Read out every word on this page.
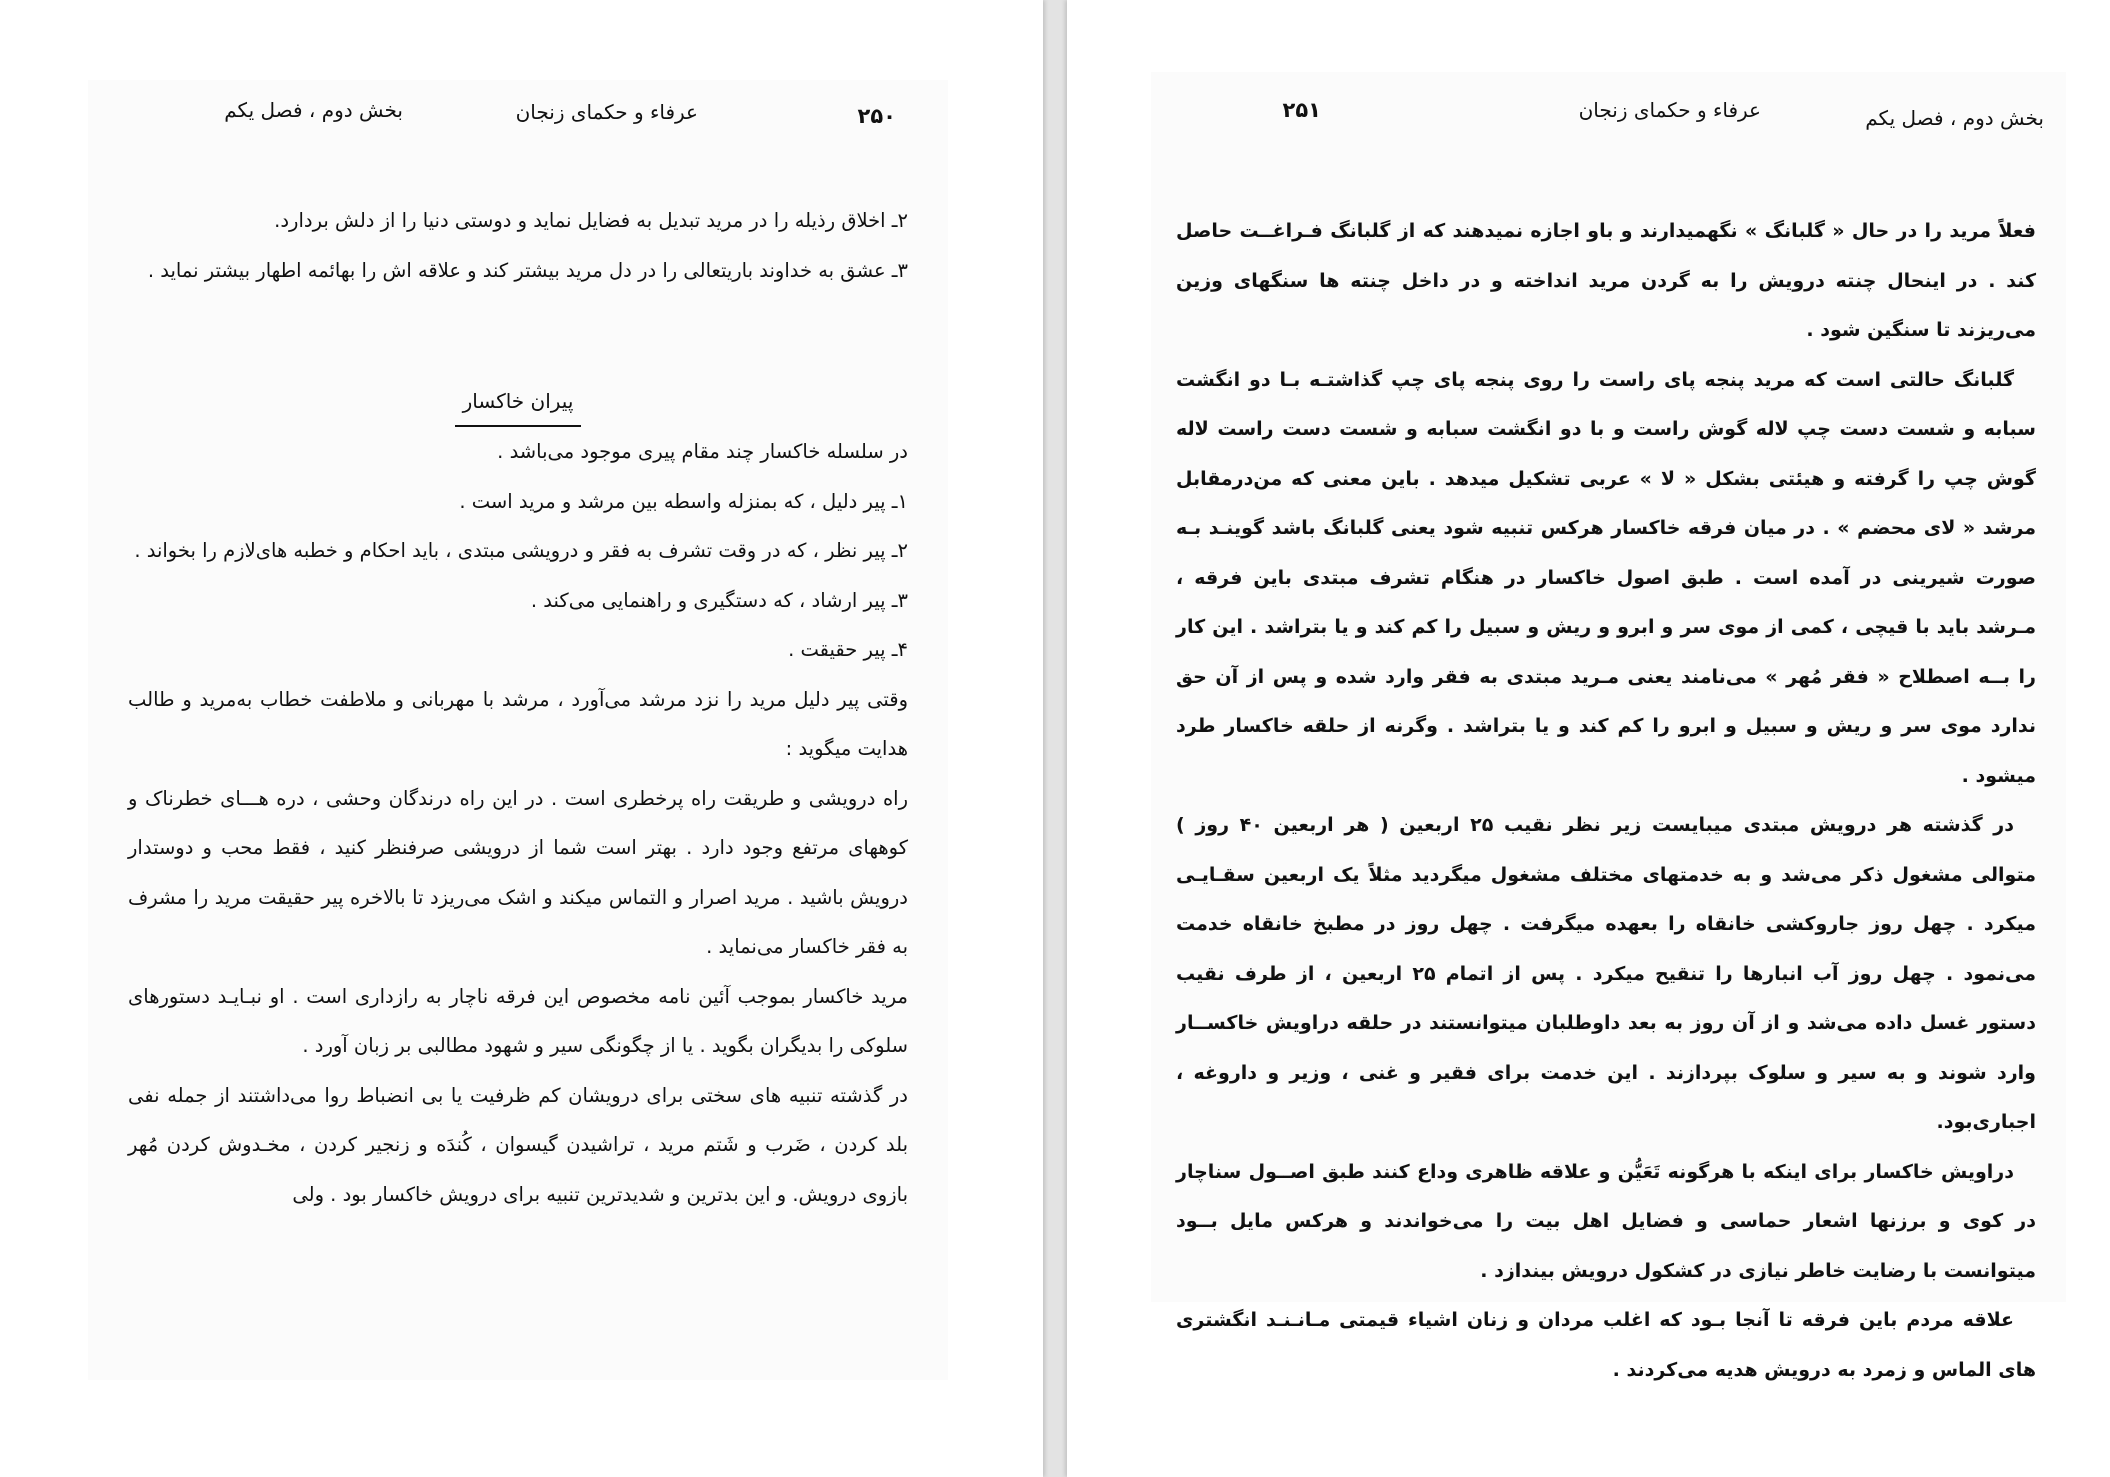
۲۵۰
عرفاء و حکمای زنجان
بخش دوم ، فصل یکم

۲ـ اخلاق رذیله را در مرید تبدیل به فضایل نماید و دوستی دنیا را از دلش بردارد.

۳ـ عشق به خداوند باریتعالی را در دل مرید بیشتر کند و علاقه اش را بهائمه اطهار بیشتر نماید .

پیران خاکسار

در سلسله خاکسار چند مقام پیری موجود می‌باشد .

۱ـ پیر دلیل ، که بمنزله واسطه بین مرشد و مرید است .

۲ـ پیر نظر ، که در وقت تشرف به فقر و درویشی مبتدی ، باید احکام و خطبه های‌لازم را بخواند .

۳ـ پیر ارشاد ، که دستگیری و راهنمایی می‌کند .

۴ـ پیر حقیقت .

وقتی پیر دلیل مرید را نزد مرشد می‌آورد ، مرشد با مهربانی و ملاطفت خطاب به‌مرید و طالب هدایت میگوید :

راه درویشی و طریقت راه پرخطری است . در این راه درندگان وحشی ، دره هـــای خطرناک و کوههای مرتفع وجود دارد . بهتر است شما از درویشی صرفنظر کنید ، فقط محب و دوستدار درویش باشید . مرید اصرار و التماس میکند و اشک می‌ریزد تا بالاخره پیر حقیقت مرید را مشرف به فقر خاکسار می‌نماید .

مرید خاکسار بموجب آئین نامه مخصوص این فرقه ناچار به رازداری است . او نبـایـد دستورهای سلوکی را بدیگران بگوید . یا از چگونگی سیر و شهود مطالبی بر زبان آورد .

در گذشته تنبیه های سختی برای درویشان کم ظرفیت یا بی انضباط روا می‌داشتند از جمله نفی بلد کردن ، ضَرب و شَتم مرید ، تراشیدن گیسوان ، کُندَه و زنجیر کردن ، مخـدوش کردن مُهر بازوی درویش. و این بدترین و شدیدترین تنبیه برای درویش خاکسار بود . ولی

بخش دوم ، فصل یکم
عرفاء و حکمای زنجان
۲۵۱

فعلاً مرید را در حال « گلبانگ » نگهمیدارند و باو اجازه نمیدهند که از گلبانگ فـراغــت حاصل کند . در اینحال چنته درویش را به گردن مرید انداخته و در داخل چنته ها سنگهای وزین می‌ریزند تا سنگین شود .

گلبانگ حالتی است که مرید پنجه پای راست را روی پنجه پای چپ گذاشتـه بـا دو انگشت سبابه و شست دست چپ لاله گوش راست و با دو انگشت سبابه و شست دست راست لاله گوش چپ را گرفته و هیئتی بشکل « لا » عربی تشکیل میدهد . باین معنی که من‌درمقابل مرشد « لای محضم » . در میان فرقه خاکسار هرکس تنبیه شود یعنی گلبانگ باشد گوینـد بـه صورت شیرینی در آمده است . طبق اصول خاکسار در هنگام تشرف مبتدی باین فرقه ، مـرشد باید با قیچی ، کمی از موی سر و ابرو و ریش و سبیل را کم کند و یا بتراشد . این کار را بــه اصطلاح « فقر مُهر » می‌نامند یعنی مـرید مبتدی به فقر وارد شده و پس از آن حق ندارد موی سر و ریش و سبیل و ابرو را کم کند و یا بتراشد . وگرنه از حلقه خاکسار طرد میشود .

در گذشته هر درویش مبتدی میبایست زیر نظر نقیب ۲۵ اربعین ( هر اربعین ۴۰ روز ) متوالی مشغول ذکر می‌شد و به خدمتهای مختلف مشغول میگردید مثلاً یک اربعین سقـایـی میکرد . چهل روز جاروکشی خانقاه را بعهده میگرفت . چهل روز در مطبخ خانقاه خدمت می‌نمود . چهل روز آب انبارها را تنقیح میکرد . پس از اتمام ۲۵ اربعین ، از طرف نقیب دستور غسل داده می‌شد و از آن روز به بعد داوطلبان میتوانستند در حلقه دراویش خاکســار وارد شوند و به سیر و سلوک بپردازند . این خدمت برای فقیر و غنی ، وزیر و داروغه ، اجباری‌بود.

دراویش خاکسار برای اینکه با هرگونه تَعَیُّن و علاقه ظاهری وداع کنند طبق اصــول سناچار در کوی و برزنها اشعار حماسی و فضایل اهل بیت را می‌خواندند و هرکس مایل بــود میتوانست با رضایت خاطر نیازی در کشکول درویش بیندازد .

علاقه مردم باین فرقه تا آنجا بـود که اغلب مردان و زنان اشیاء قیمتی مـانـنـد انگشتری های الماس و زمرد به درویش هدیه می‌کردند .
